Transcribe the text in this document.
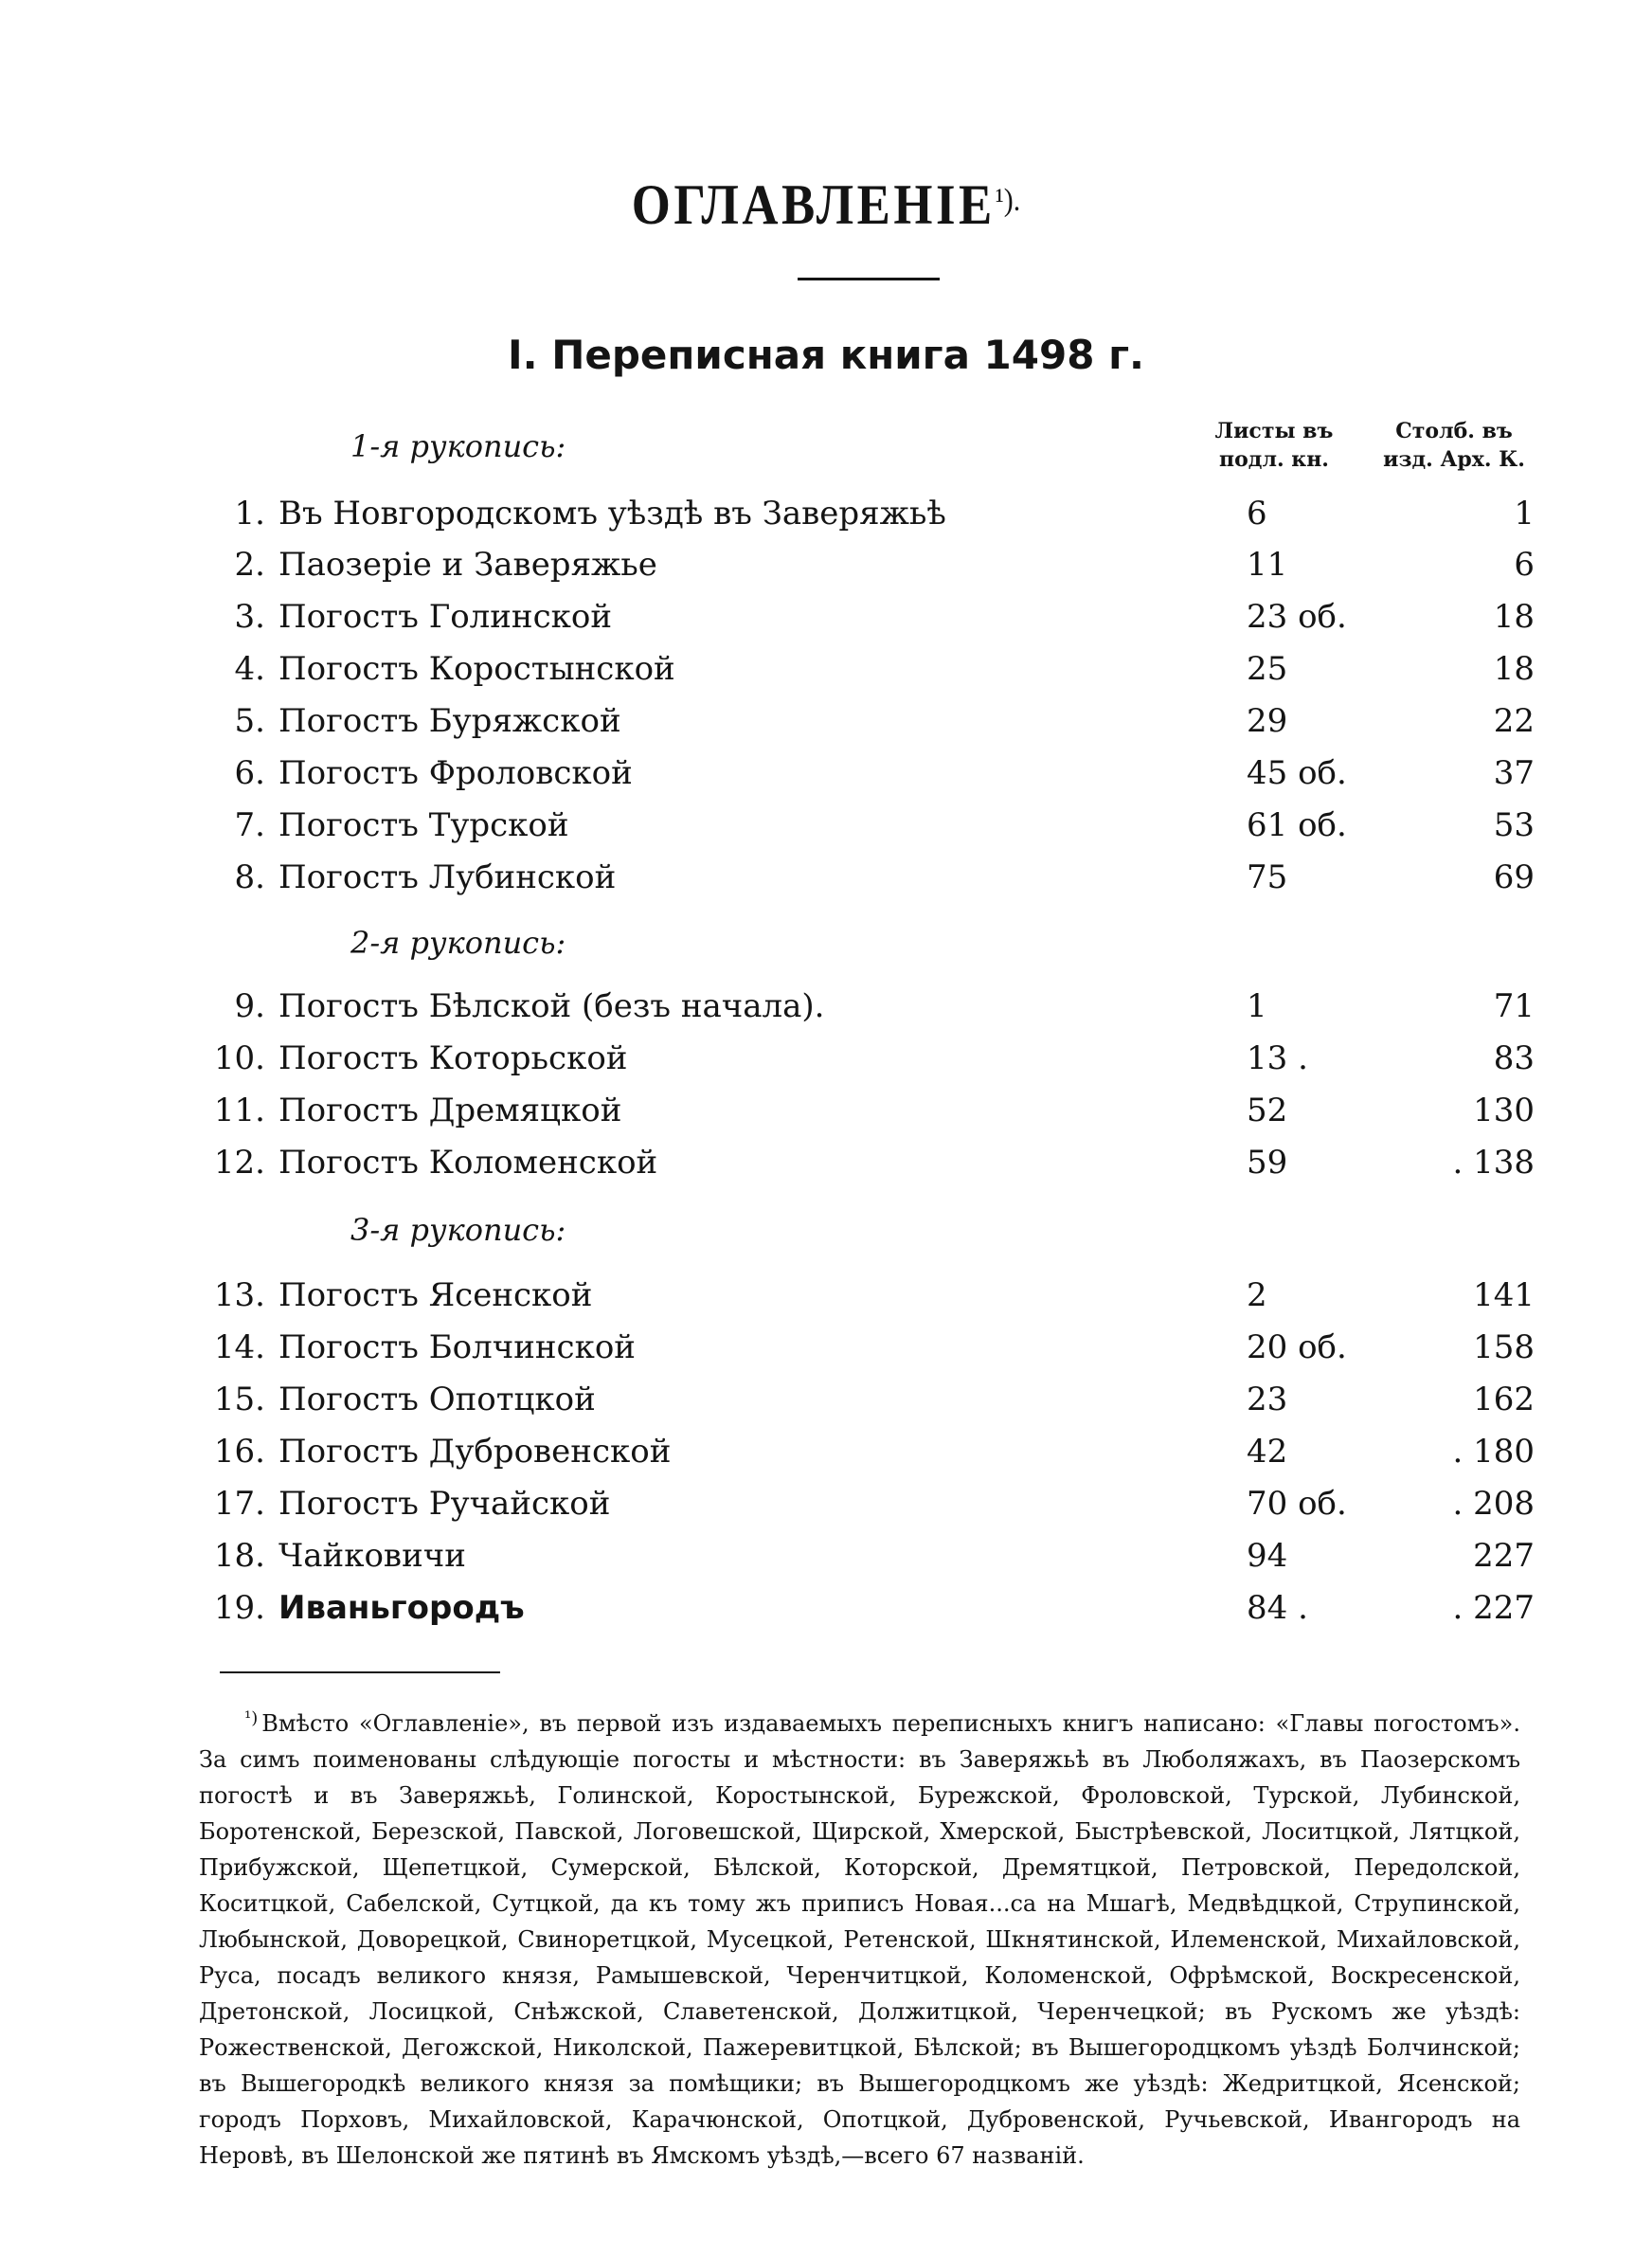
$ОГЛАВЛЕНІЕ^{^1).}$
I. Переписная книга 1498 г.
Листы въ
подл. кн.
Столб. въ
изд. Арх. К.
1-я рукопись:
1. Въ Новгородскомъ уѣздѣ въ Заверяжьѣ	6	1
2. Паозеріе и Заверяжье	11	6
3. Погостъ Голинской	23 об.	18
4. Погостъ Коростынской	25	18
5. Погостъ Буряжской	29	22
6. Погостъ Фроловской	45 об.	37
7. Погостъ Турской	61 об.	53
8. Погостъ Лубинской	75	69
2-я рукопись:
9. Погостъ Бѣлской (безъ начала).	1	71
10. Погостъ Которьской	13 .	83
11. Погостъ Дремяцкой	52	130
12. Погостъ Коломенской	59	. 138
3-я рукопись:
13. Погостъ Ясенской	2	141
14. Погостъ Болчинской	20 об.	158
15. Погостъ Опотцкой	23	162
16. Погостъ Дубровенской	42	. 180
17. Погостъ Ручайской	70 об.	. 208
18. Чайковичи	94	227
19. Иваньгородъ	84 .	. 227
$^{^1)}$ Вмѣсто «Оглавленіе», въ первой изъ издаваемыхъ переписныхъ книгъ написано: «Главы погостомъ». За симъ поименованы слѣдующіе погосты и мѣстности: въ Заверяжьѣ въ Люболяжахъ, въ Паозерскомъ погостѣ и въ Заверяжьѣ, Голинской, Коростынской, Бурежской, Фроловской, Турской, Лубинской, Боротенской, Березской, Павской, Логовешской, Щирской, Хмерской, Быстрѣевской, Лоситцкой, Лятцкой, Прибужской, Щепетцкой, Сумерской, Бѣлской, Которской, Дремятцкой, Петровской, Передолской, Коситцкой, Сабелской, Сутцкой, да къ тому жъ приписъ Новая...са на Мшагѣ, Медвѣдцкой, Струпинской, Любынской, Доворецкой, Свиноретцкой, Мусецкой, Ретенской, Шкнятинской, Илеменской, Михайловской, Руса, посадъ великого князя, Рамышевской, Черенчитцкой, Коломенской, Офрѣмской, Воскресенской, Дретонской, Лосицкой, Снѣжской, Славетенской, Должитцкой, Черенчецкой; въ Рускомъ же уѣздѣ: Рожественской, Дегожской, Николской, Пажеревитцкой, Бѣлской; въ Вышегородцкомъ уѣздѣ Болчинской; въ Вышегородкѣ великого князя за помѣщики; въ Вышегородцкомъ же уѣздѣ: Жедритцкой, Ясенской; городъ Порховъ, Михайловской, Карачюнской, Опотцкой, Дубровенской, Ручьевской, Ивангородъ на Неровѣ, въ Шелонской же пятинѣ въ Ямскомъ уѣздѣ,—всего 67 названій.
